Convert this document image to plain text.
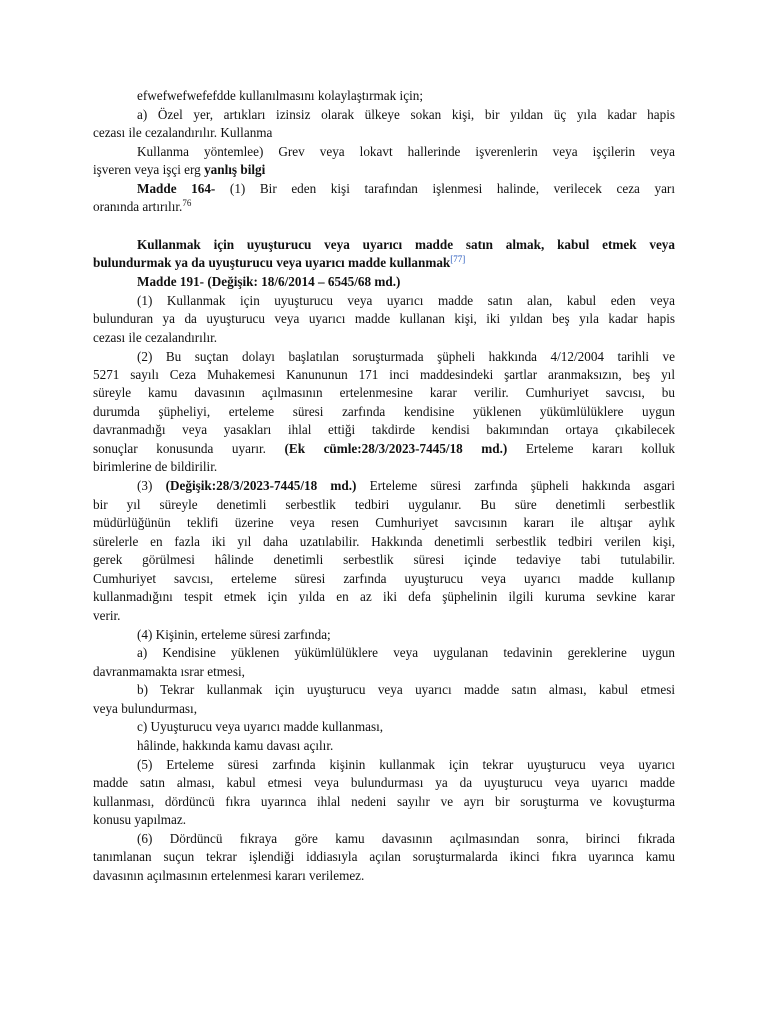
efwefwefwefefdde kullanılmasını kolaylaştırmak için;
a) Özel yer, artıkları izinsiz olarak ülkeye sokan kişi, bir yıldan üç yıla kadar hapis
cezası ile cezalandırılır. Kullanma
Kullanma yöntemlee) Grev veya lokavt hallerinde işverenlerin veya işçilerin veya
işveren veya işçi erg yanlış bilgi
Madde 164- (1) Bir eden kişi tarafından işlenmesi halinde, verilecek ceza yarı
oranında artırılır.$^{76}$
Kullanmak için uyuşturucu veya uyarıcı madde satın almak, kabul etmek veya
bulundurmak ya da uyuşturucu veya uyarıcı madde kullanmak[77]
Madde 191- (Değişik: 18/6/2014 – 6545/68 md.)
(1) Kullanmak için uyuşturucu veya uyarıcı madde satın alan, kabul eden veya
bulunduran ya da uyuşturucu veya uyarıcı madde kullanan kişi, iki yıldan beş yıla kadar hapis
cezası ile cezalandırılır.
(2) Bu suçtan dolayı başlatılan soruşturmada şüpheli hakkında 4/12/2004 tarihli ve
5271 sayılı Ceza Muhakemesi Kanununun 171 inci maddesindeki şartlar aranmaksızın, beş yıl
süreyle kamu davasının açılmasının ertelenmesine karar verilir. Cumhuriyet savcısı, bu
durumda şüpheliyi, erteleme süresi zarfında kendisine yüklenen yükümlülüklere uygun
davranmadığı veya yasakları ihlal ettiği takdirde kendisi bakımından ortaya çıkabilecek
sonuçlar konusunda uyarır. (Ek cümle:28/3/2023-7445/18 md.) Erteleme kararı kolluk
birimlerine de bildirilir.
(3) (Değişik:28/3/2023-7445/18 md.) Erteleme süresi zarfında şüpheli hakkında asgari
bir yıl süreyle denetimli serbestlik tedbiri uygulanır. Bu süre denetimli serbestlik
müdürlüğünün teklifi üzerine veya resen Cumhuriyet savcısının kararı ile altışar aylık
sürelerle en fazla iki yıl daha uzatılabilir. Hakkında denetimli serbestlik tedbiri verilen kişi,
gerek görülmesi hâlinde denetimli serbestlik süresi içinde tedaviye tabi tutulabilir.
Cumhuriyet savcısı, erteleme süresi zarfında uyuşturucu veya uyarıcı madde kullanıp
kullanmadığını tespit etmek için yılda en az iki defa şüphelinin ilgili kuruma sevkine karar
verir.
(4) Kişinin, erteleme süresi zarfında;
a) Kendisine yüklenen yükümlülüklere veya uygulanan tedavinin gereklerine uygun
davranmamakta ısrar etmesi,
b) Tekrar kullanmak için uyuşturucu veya uyarıcı madde satın alması, kabul etmesi
veya bulundurması,
c) Uyuşturucu veya uyarıcı madde kullanması,
hâlinde, hakkında kamu davası açılır.
(5) Erteleme süresi zarfında kişinin kullanmak için tekrar uyuşturucu veya uyarıcı
madde satın alması, kabul etmesi veya bulundurması ya da uyuşturucu veya uyarıcı madde
kullanması, dördüncü fıkra uyarınca ihlal nedeni sayılır ve ayrı bir soruşturma ve kovuşturma
konusu yapılmaz.
(6) Dördüncü fıkraya göre kamu davasının açılmasından sonra, birinci fıkrada
tanımlanan suçun tekrar işlendiği iddiasıyla açılan soruşturmalarda ikinci fıkra uyarınca kamu
davasının açılmasının ertelenmesi kararı verilemez.
